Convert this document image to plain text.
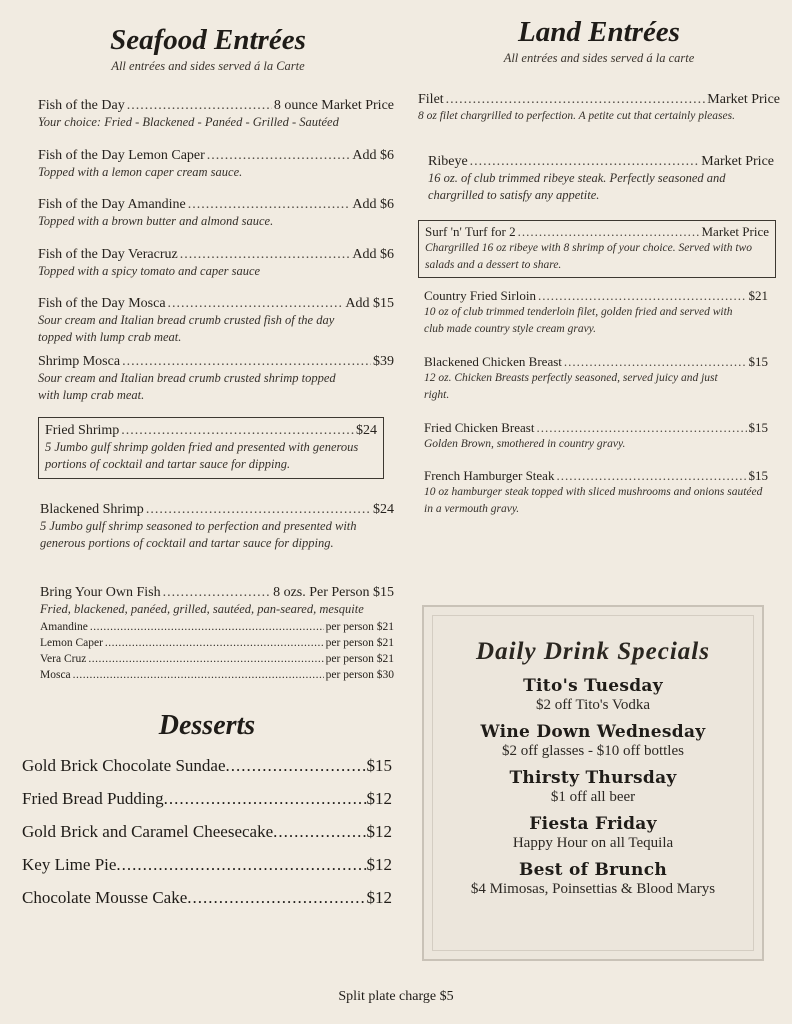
Seafood Entrées
All entrées and sides served á la Carte
Fish of the Day .....	8 ounce Market Price
Your choice: Fried - Blackened - Panéed - Grilled - Sautéed
Fish of the Day Lemon Caper .....	Add $6
Topped with a lemon caper cream sauce.
Fish of the Day Amandine .....	Add $6
Topped with a brown butter and almond sauce.
Fish of the Day Veracruz .....	Add $6
Topped with a spicy tomato and caper sauce
Fish of the Day Mosca .....	Add $15
Sour cream and Italian bread crumb crusted fish of the day topped with lump crab meat.
Shrimp Mosca .....	$39
Sour cream and Italian bread crumb crusted shrimp topped with lump crab meat.
Fried Shrimp .....	$24
5 Jumbo gulf shrimp golden fried and presented with generous portions of cocktail and tartar sauce for dipping.
Blackened Shrimp .....	$24
5 Jumbo gulf shrimp seasoned to perfection and presented with generous portions of cocktail and tartar sauce for dipping.
Bring Your Own Fish .....	8 ozs. Per Person $15
Fried, blackened, panéed, grilled, sautéed, pan-seared, mesquite
Amandine .....	per person $21
Lemon Caper .....	per person $21
Vera Cruz .....	per person $21
Mosca .....	per person $30
Desserts
Gold Brick Chocolate Sundae .....	$15
Fried Bread Pudding .....	$12
Gold Brick and Caramel Cheesecake .....	$12
Key Lime Pie .....	$12
Chocolate Mousse Cake .....	$12
Land Entrées
All entrées and sides served á la carte
Filet .....	Market Price
8 oz filet chargrilled to perfection. A petite cut that certainly pleases.
Ribeye .....	Market Price
16 oz. of club trimmed ribeye steak. Perfectly seasoned and chargrilled to satisfy any appetite.
Surf 'n' Turf for 2 .....	Market Price
Chargrilled 16 oz ribeye with 8 shrimp of your choice. Served with two salads and a dessert to share.
Country Fried Sirloin .....	$21
10 oz of club trimmed tenderloin filet, golden fried and served with club made country style cream gravy.
Blackened Chicken Breast .....	$15
12 oz. Chicken Breasts perfectly seasoned, served juicy and just right.
Fried Chicken Breast .....	$15
Golden Brown, smothered in country gravy.
French Hamburger Steak .....	$15
10 oz hamburger steak topped with sliced mushrooms and onions sautéed in a vermouth gravy.
Daily Drink Specials
Tito's Tuesday
$2 off Tito's Vodka
Wine Down Wednesday
$2 off glasses - $10 off bottles
Thirsty Thursday
$1 off all beer
Fiesta Friday
Happy Hour on all Tequila
Best of Brunch
$4 Mimosas, Poinsettias & Blood Marys
Split plate charge $5
